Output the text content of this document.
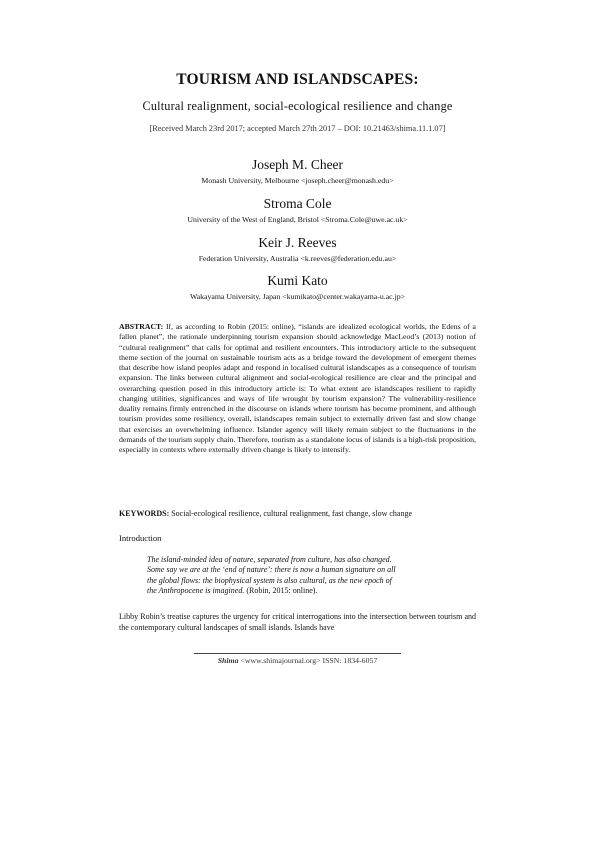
TOURISM AND ISLANDSCAPES:
Cultural realignment, social-ecological resilience and change
[Received March 23rd 2017; accepted March 27th 2017 – DOI: 10.21463/shima.11.1.07]
Joseph M. Cheer
Monash University, Melbourne <joseph.cheer@monash.edu>
Stroma Cole
University of the West of England, Bristol <Stroma.Cole@uwe.ac.uk>
Keir J. Reeves
Federation University, Australia <k.reeves@federation.edu.au>
Kumi Kato
Wakayama University, Japan <kumikato@center.wakayama-u.ac.jp>
ABSTRACT: If, as according to Robin (2015: online), “islands are idealized ecological worlds, the Edens of a fallen planet”, the rationale underpinning tourism expansion should acknowledge MacLeod’s (2013) notion of “cultural realignment” that calls for optimal and resilient encounters. This introductory article to the subsequent theme section of the journal on sustainable tourism acts as a bridge toward the development of emergent themes that describe how island peoples adapt and respond in localised cultural islandscapes as a consequence of tourism expansion. The links between cultural alignment and social-ecological resilience are clear and the principal and overarching question posed in this introductory article is: To what extent are islandscapes resilient to rapidly changing utilities, significances and ways of life wrought by tourism expansion? The vulnerability-resilience duality remains firmly entrenched in the discourse on islands where tourism has become prominent, and although tourism provides some resiliency, overall, islandscapes remain subject to externally driven fast and slow change that exercises an overwhelming influence. Islander agency will likely remain subject to the fluctuations in the demands of the tourism supply chain. Therefore, tourism as a standalone locus of islands is a high-risk proposition, especially in contexts where externally driven change is likely to intensify.
KEYWORDS: Social-ecological resilience, cultural realignment, fast change, slow change
Introduction
The island-minded idea of nature, separated from culture, has also changed.
Some say we are at the ‘end of nature’: there is now a human signature on all
the global flows: the biophysical system is also cultural, as the new epoch of
the Anthropocene is imagined. (Robin, 2015: online).
Libby Robin’s treatise captures the urgency for critical interrogations into the intersection between tourism and the contemporary cultural landscapes of small islands. Islands have
Shima <www.shimajournal.org> ISSN: 1834-6057
